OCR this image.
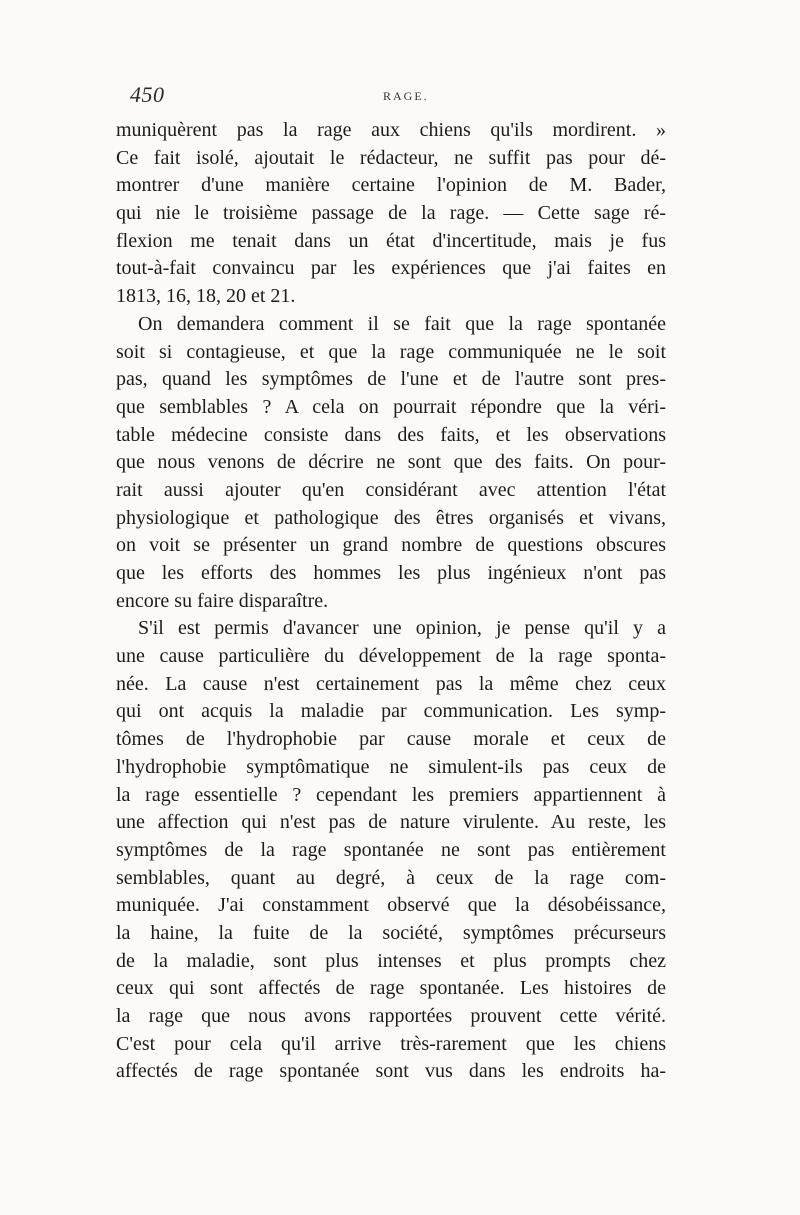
450	RAGE.
muniquèrent pas la rage aux chiens qu'ils mordirent. »
Ce fait isolé, ajoutait le rédacteur, ne suffit pas pour dé-
montrer d'une manière certaine l'opinion de M. Bader,
qui nie le troisième passage de la rage. — Cette sage ré-
flexion me tenait dans un état d'incertitude, mais je fus
tout-à-fait convaincu par les expériences que j'ai faites en
1813, 16, 18, 20 et 21.
On demandera comment il se fait que la rage spontanée
soit si contagieuse, et que la rage communiquée ne le soit
pas, quand les symptômes de l'une et de l'autre sont pres-
que semblables ? A cela on pourrait répondre que la véri-
table médecine consiste dans des faits, et les observations
que nous venons de décrire ne sont que des faits. On pour-
rait aussi ajouter qu'en considérant avec attention l'état
physiologique et pathologique des êtres organisés et vivans,
on voit se présenter un grand nombre de questions obscures
que les efforts des hommes les plus ingénieux n'ont pas
encore su faire disparaître.
S'il est permis d'avancer une opinion, je pense qu'il y a
une cause particulière du développement de la rage sponta-
née. La cause n'est certainement pas la même chez ceux
qui ont acquis la maladie par communication. Les symp-
tômes de l'hydrophobie par cause morale et ceux de
l'hydrophobie symptômatique ne simulent-ils pas ceux de
la rage essentielle ? cependant les premiers appartiennent à
une affection qui n'est pas de nature virulente. Au reste, les
symptômes de la rage spontanée ne sont pas entièrement
semblables, quant au degré, à ceux de la rage com-
muniquée. J'ai constamment observé que la désobéissance,
la haine, la fuite de la société, symptômes précurseurs
de la maladie, sont plus intenses et plus prompts chez
ceux qui sont affectés de rage spontanée. Les histoires de
la rage que nous avons rapportées prouvent cette vérité.
C'est pour cela qu'il arrive très-rarement que les chiens
affectés de rage spontanée sont vus dans les endroits ha-
